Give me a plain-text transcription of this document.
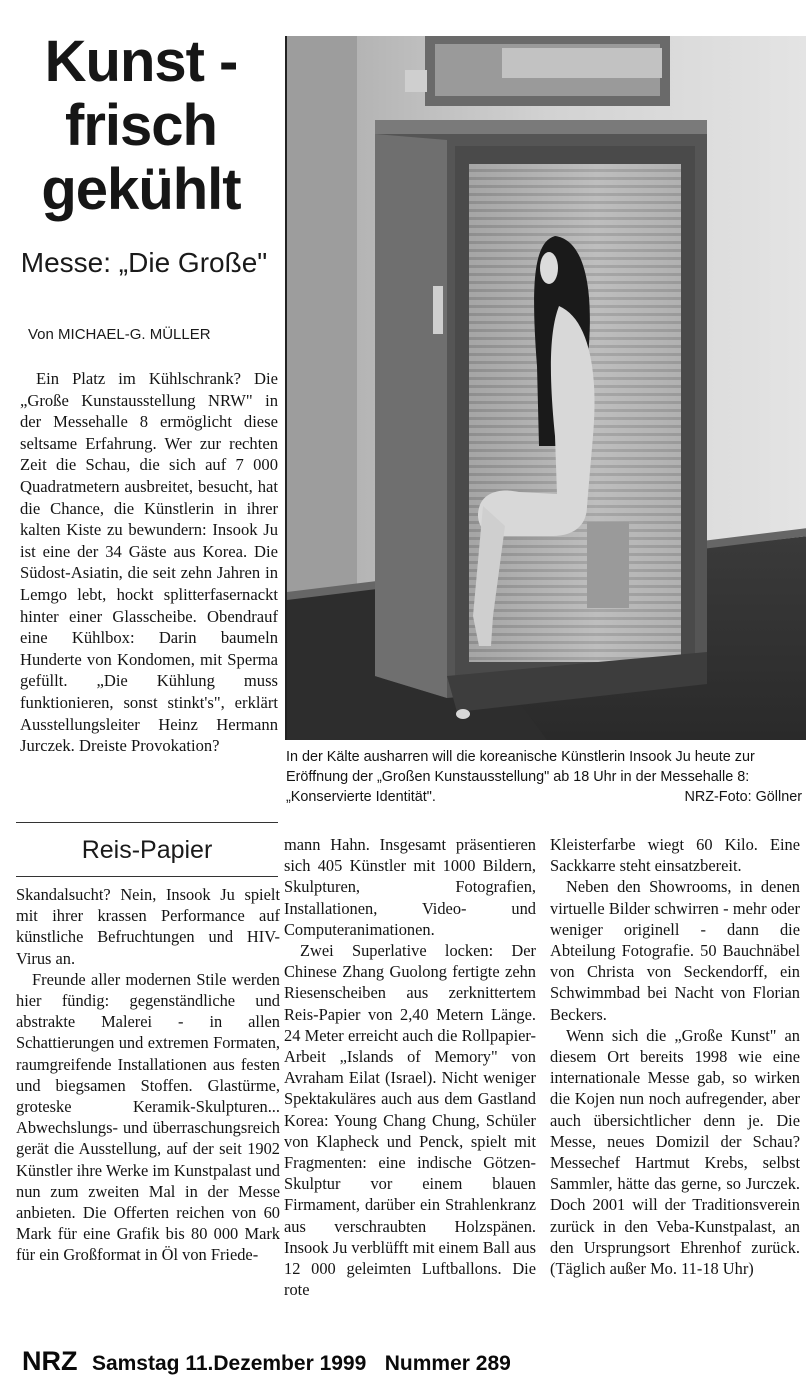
Kunst -
frisch
gekühlt
Messe: „Die Große"
Von MICHAEL-G. MÜLLER

Ein Platz im Kühlschrank? Die „Große Kunstausstellung NRW" in der Messehalle 8 ermöglicht diese seltsame Erfahrung. Wer zur rechten Zeit die Schau, die sich auf 7 000 Quadratmetern ausbreitet, besucht, hat die Chance, die Künstlerin in ihrer kalten Kiste zu bewundern: Insook Ju ist eine der 34 Gäste aus Korea. Die Südost-Asiatin, die seit zehn Jahren in Lemgo lebt, hockt splitterfasernackt hinter einer Glasscheibe. Obendrauf eine Kühlbox: Darin baumeln Hunderte von Kondomen, mit Sperma gefüllt. „Die Kühlung muss funktionieren, sonst stinkt's", erklärt Ausstellungsleiter Heinz Hermann Jurczek. Dreiste Provokation?

Reis-Papier

Skandalsucht? Nein, Insook Ju spielt mit ihrer krassen Performance auf künstliche Befruchtungen und HIV-Virus an.

Freunde aller modernen Stile werden hier fündig: gegenständliche und abstrakte Malerei - in allen Schattierungen und extremen Formaten, raumgreifende Installationen aus festen und biegsamen Stoffen. Glastürme, groteske Keramik-Skulpturen... Abwechslungs- und überraschungsreich gerät die Ausstellung, auf der seit 1902 Künstler ihre Werke im Kunstpalast und nun zum zweiten Mal in der Messe anbieten. Die Offerten reichen von 60 Mark für eine Grafik bis 80 000 Mark für ein Großformat in Öl von Friede-

mann Hahn. Insgesamt präsentieren sich 405 Künstler mit 1000 Bildern, Skulpturen, Fotografien, Installationen, Video- und Computeranimationen.

Zwei Superlative locken: Der Chinese Zhang Guolong fertigte zehn Riesenscheiben aus zerknittertem Reis-Papier von 2,40 Metern Länge. 24 Meter erreicht auch die Rollpapier-Arbeit „Islands of Memory" von Avraham Eilat (Israel). Nicht weniger Spektakuläres auch aus dem Gastland Korea: Young Chang Chung, Schüler von Klapheck und Penck, spielt mit Fragmenten: eine indische Götzen-Skulptur vor einem blauen Firmament, darüber ein Strahlenkranz aus verschraubten Holzspänen. Insook Ju verblüfft mit einem Ball aus 12 000 geleimten Luftballons. Die rote

Kleisterfarbe wiegt 60 Kilo. Eine Sackkarre steht einsatzbereit.

Neben den Showrooms, in denen virtuelle Bilder schwirren - mehr oder weniger originell - dann die Abteilung Fotografie. 50 Bauchnäbel von Christa von Seckendorff, ein Schwimmbad bei Nacht von Florian Beckers.

Wenn sich die „Große Kunst" an diesem Ort bereits 1998 wie eine internationale Messe gab, so wirken die Kojen nun noch aufregender, aber auch übersichtlicher denn je. Die Messe, neues Domizil der Schau? Messechef Hartmut Krebs, selbst Sammler, hätte das gerne, so Jurczek. Doch 2001 will der Traditionsverein zurück in den Veba-Kunstpalast, an den Ursprungsort Ehrenhof zurück. (Täglich außer Mo. 11-18 Uhr)

In der Kälte ausharren will die koreanische Künstlerin Insook Ju heute zur Eröffnung der „Großen Kunstausstellung" ab 18 Uhr in der Messehalle 8: „Konservierte Identität".	NRZ-Foto: Göllner
NRZ Samstag 11.Dezember 1999 Nummer 289
